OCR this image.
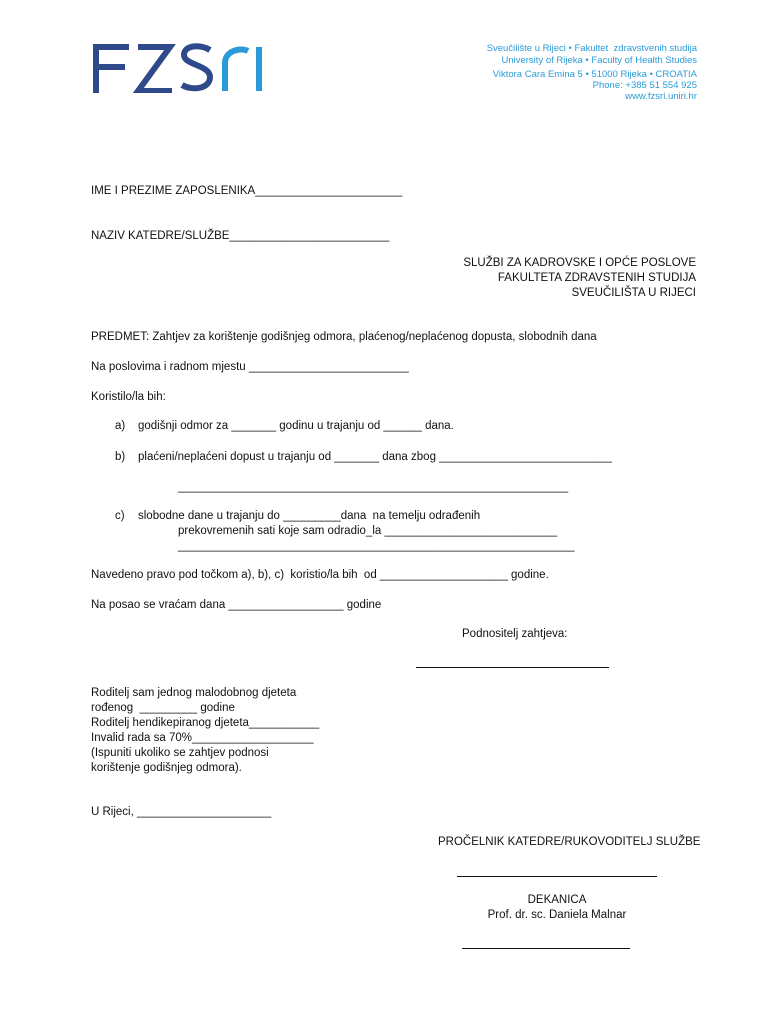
Sveučilište u Rijeci • Fakultet  zdravstvenih studija
University of Rijeka • Faculty of Health Studies
Viktora Cara Emina 5 • 51000 Rijeka • CROATIA
Phone: +385 51 554 925
www.fzsri.uniri.hr
IME I PREZIME ZAPOSLENIKA_______________________
NAZIV KATEDRE/SLUŽBE_________________________
SLUŽBI ZA KADROVSKE I OPĆE POSLOVE
FAKULTETA ZDRAVSTENIH STUDIJA
SVEUČILIŠTA U RIJECI
PREDMET: Zahtjev za korištenje godišnjeg odmora, plaćenog/neplaćenog dopusta, slobodnih dana
Na poslovima i radnom mjestu _________________________
Koristilo/la bih:
a) godišnji odmor za _______ godinu u trajanju od ______ dana.
b) plaćeni/neplaćeni dopust u trajanju od _______ dana zbog ___________________________
_____________________________________________________________
c) slobodne dane u trajanju do _________dana  na temelju odrađenih
prekovremenih sati koje sam odradio_la ___________________________
______________________________________________________________
Navedeno pravo pod točkom a), b), c)  koristio/la bih  od ____________________ godine.
Na posao se vraćam dana __________________ godine
Podnositelj zahtjeva:
Roditelj sam jednog malodobnog djeteta
rođenog  _________ godine
Roditelj hendikepiranog djeteta___________
Invalid rada sa 70%___________________
(Ispuniti ukoliko se zahtjev podnosi
korištenje godišnjeg odmora).
U Rijeci, _____________________
PROČELNIK KATEDRE/RUKOVODITELJ SLUŽBE
DEKANICA
Prof. dr. sc. Daniela Malnar
